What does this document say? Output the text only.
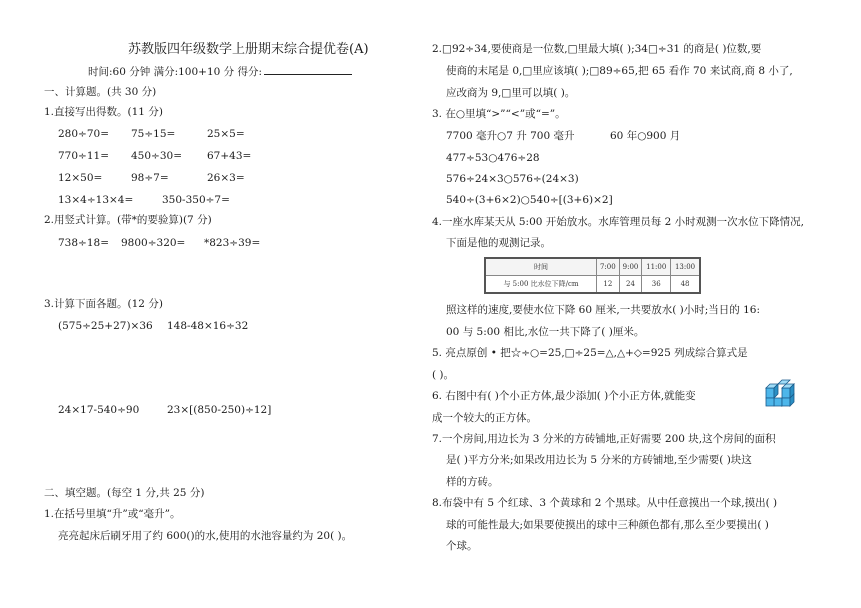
苏教版四年级数学上册期末综合提优卷(A)
时间:60 分钟 满分:100+10 分 得分:
一、计算题。(共 30 分)
1.直接写出得数。(11 分)
280÷70= 75÷15=	25×5=
770÷11= 450÷30= 67+43=
12×50=	98÷7=	26×3=
13×4÷13×4=	350-350÷7=
2.用竖式计算。(带*的要验算)(7 分)
738÷18= 9800÷320= *823÷39=
3.计算下面各题。(12 分)
(575÷25+27)×36 148-48×16÷32
24×17-540÷90	23×[(850-250)÷12]
二、填空题。(每空 1 分,共 25 分)
1.在括号里填“升”或“毫升”。
亮亮起床后刷牙用了约 600()的水,使用的水池容量约为 20( )。
2.□92÷34,要使商是一位数,□里最大填( );34□÷31 的商是( )位数,要
使商的末尾是 0,□里应该填( );□89÷65,把 65 看作 70 来试商,商 8 小了,
应改商为 9,□里可以填( )。
3. 在○里填“>”“<”或“=”。
7700 毫升○7 升 700 毫升	60 年○900 月
477÷53○476÷28
576÷24×3○576÷(24×3)
540÷(3+6×2)○540÷[(3+6)×2]
4.一座水库某天从 5:00 开始放水。水库管理员每 2 小时观测一次水位下降情况,
下面是他的观测记录。
时间	7:00	9:00	11:00	13:00
与 5:00 比水位下降/cm	12	24	36	48
照这样的速度,要使水位下降 60 厘米,一共要放水( )小时;当日的 16:
00 与 5:00 相比,水位一共下降了( )厘米。
5. 亮点原创 • 把☆÷○=25,□÷25=△,△+◇=925 列成综合算式是
( )。
6. 右图中有( )个小正方体,最少添加( )个小正方体,就能变
成一个较大的正方体。
7.一个房间,用边长为 3 分米的方砖铺地,正好需要 200 块,这个房间的面积
是( )平方分米;如果改用边长为 5 分米的方砖铺地,至少需要( )块这
样的方砖。
8.布袋中有 5 个红球、3 个黄球和 2 个黑球。从中任意摸出一个球,摸出( )
球的可能性最大;如果要使摸出的球中三种颜色都有,那么至少要摸出( )
个球。
